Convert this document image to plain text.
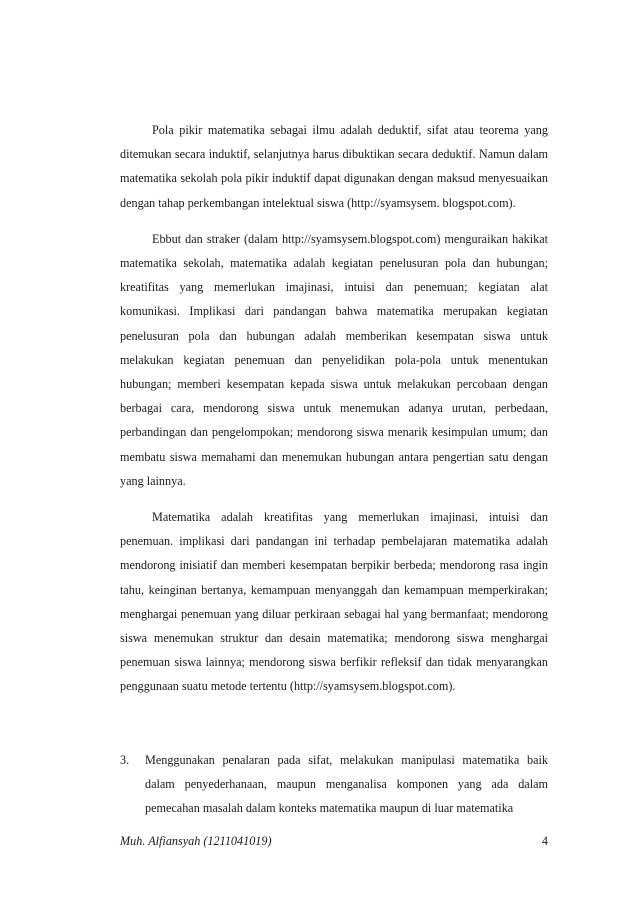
Pola pikir matematika sebagai ilmu adalah deduktif, sifat atau teorema yang ditemukan secara induktif, selanjutnya harus dibuktikan secara deduktif. Namun dalam matematika sekolah pola pikir induktif dapat digunakan dengan maksud menyesuaikan dengan tahap perkembangan intelektual siswa (http://syamsysem. blogspot.com).

Ebbut dan straker (dalam http://syamsysem.blogspot.com) menguraikan hakikat matematika sekolah, matematika adalah kegiatan penelusuran pola dan hubungan; kreatifitas yang memerlukan imajinasi, intuisi dan penemuan; kegiatan alat komunikasi. Implikasi dari pandangan bahwa matematika merupakan kegiatan penelusuran pola dan hubungan adalah memberikan kesempatan siswa untuk melakukan kegiatan penemuan dan penyelidikan pola-pola untuk menentukan hubungan; memberi kesempatan kepada siswa untuk melakukan percobaan dengan berbagai cara, mendorong siswa untuk menemukan adanya urutan, perbedaan, perbandingan dan pengelompokan; mendorong siswa menarik kesimpulan umum; dan membatu siswa memahami dan menemukan hubungan antara pengertian satu dengan yang lainnya.

Matematika adalah kreatifitas yang memerlukan imajinasi, intuisi dan penemuan. implikasi dari pandangan ini terhadap pembelajaran matematika adalah mendorong inisiatif dan memberi kesempatan berpikir berbeda; mendorong rasa ingin tahu, keinginan bertanya, kemampuan menyanggah dan kemampuan memperkirakan; menghargai penemuan yang diluar perkiraan sebagai hal yang bermanfaat; mendorong siswa menemukan struktur dan desain matematika; mendorong siswa menghargai penemuan siswa lainnya; mendorong siswa berfikir refleksif dan tidak menyarangkan penggunaan suatu metode tertentu (http://syamsysem.blogspot.com).

3. Menggunakan penalaran pada sifat, melakukan manipulasi matematika baik dalam penyederhanaan, maupun menganalisa komponen yang ada dalam pemecahan masalah dalam konteks matematika maupun di luar matematika
Muh. Alfiansyah (1211041019)	4
